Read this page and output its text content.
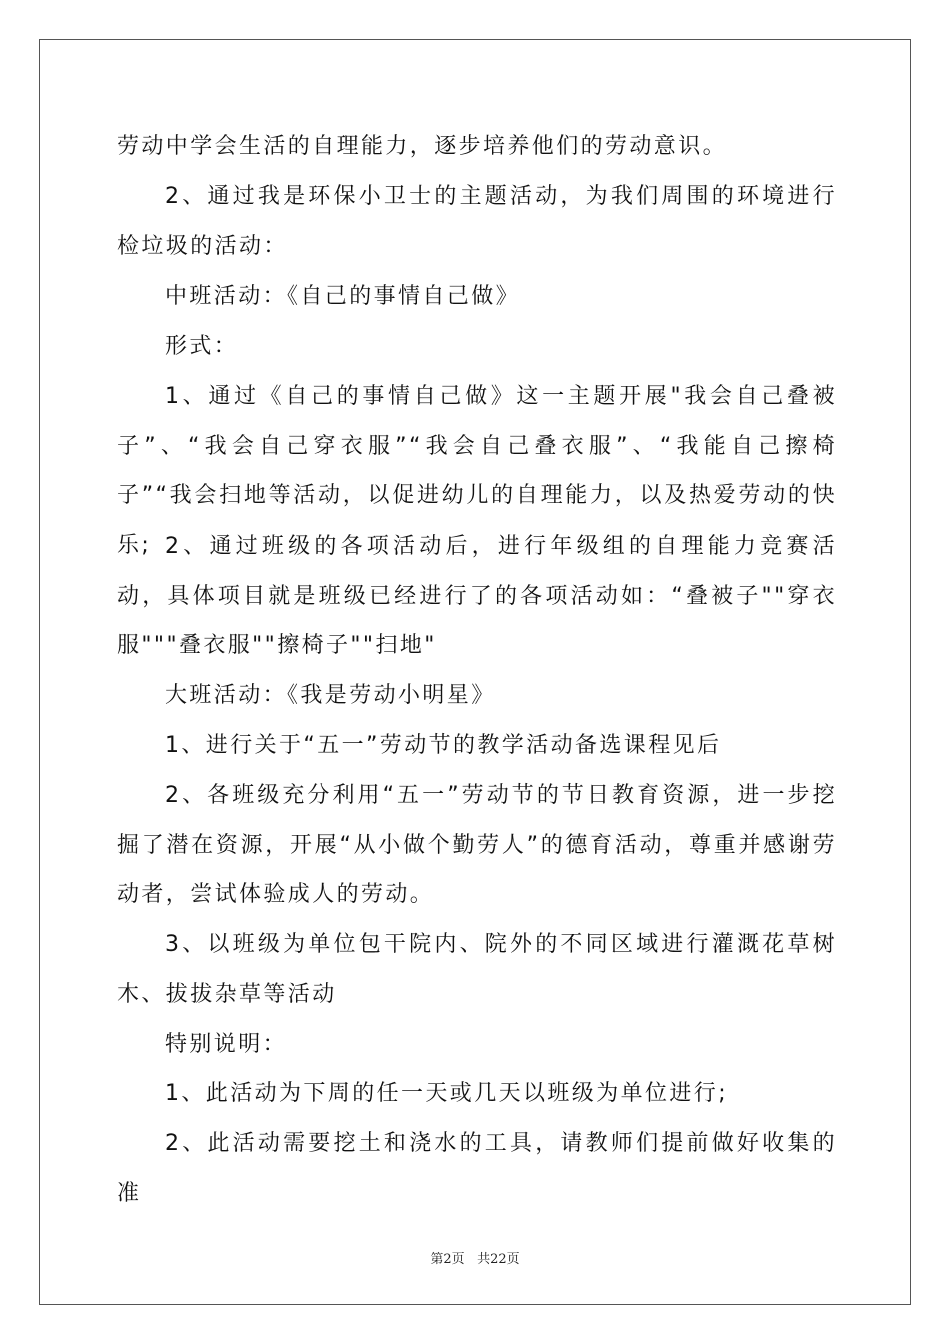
劳动中学会生活的自理能力，逐步培养他们的劳动意识。

2、通过我是环保小卫士的主题活动，为我们周围的环境进行检垃圾的活动：

中班活动：《自己的事情自己做》

形式：

1、通过《自己的事情自己做》这一主题开展"我会自己叠被子”、“我会自己穿衣服”“我会自己叠衣服”、“我能自己擦椅子”“我会扫地等活动，以促进幼儿的自理能力，以及热爱劳动的快乐; 2、通过班级的各项活动后，进行年级组的自理能力竞赛活动，具体项目就是班级已经进行了的各项活动如：“叠被子""穿衣服"""叠衣服""擦椅子""扫地"

大班活动：《我是劳动小明星》

1、进行关于“五一”劳动节的教学活动备选课程见后

2、各班级充分利用“五一”劳动节的节日教育资源，进一步挖掘了潜在资源，开展“从小做个勤劳人”的德育活动，尊重并感谢劳动者，尝试体验成人的劳动。

3、以班级为单位包干院内、院外的不同区域进行灌溉花草树木、拔拔杂草等活动

特别说明：

1、此活动为下周的任一天或几天以班级为单位进行;

2、此活动需要挖土和浇水的工具，请教师们提前做好收集的准

第2页 共22页
